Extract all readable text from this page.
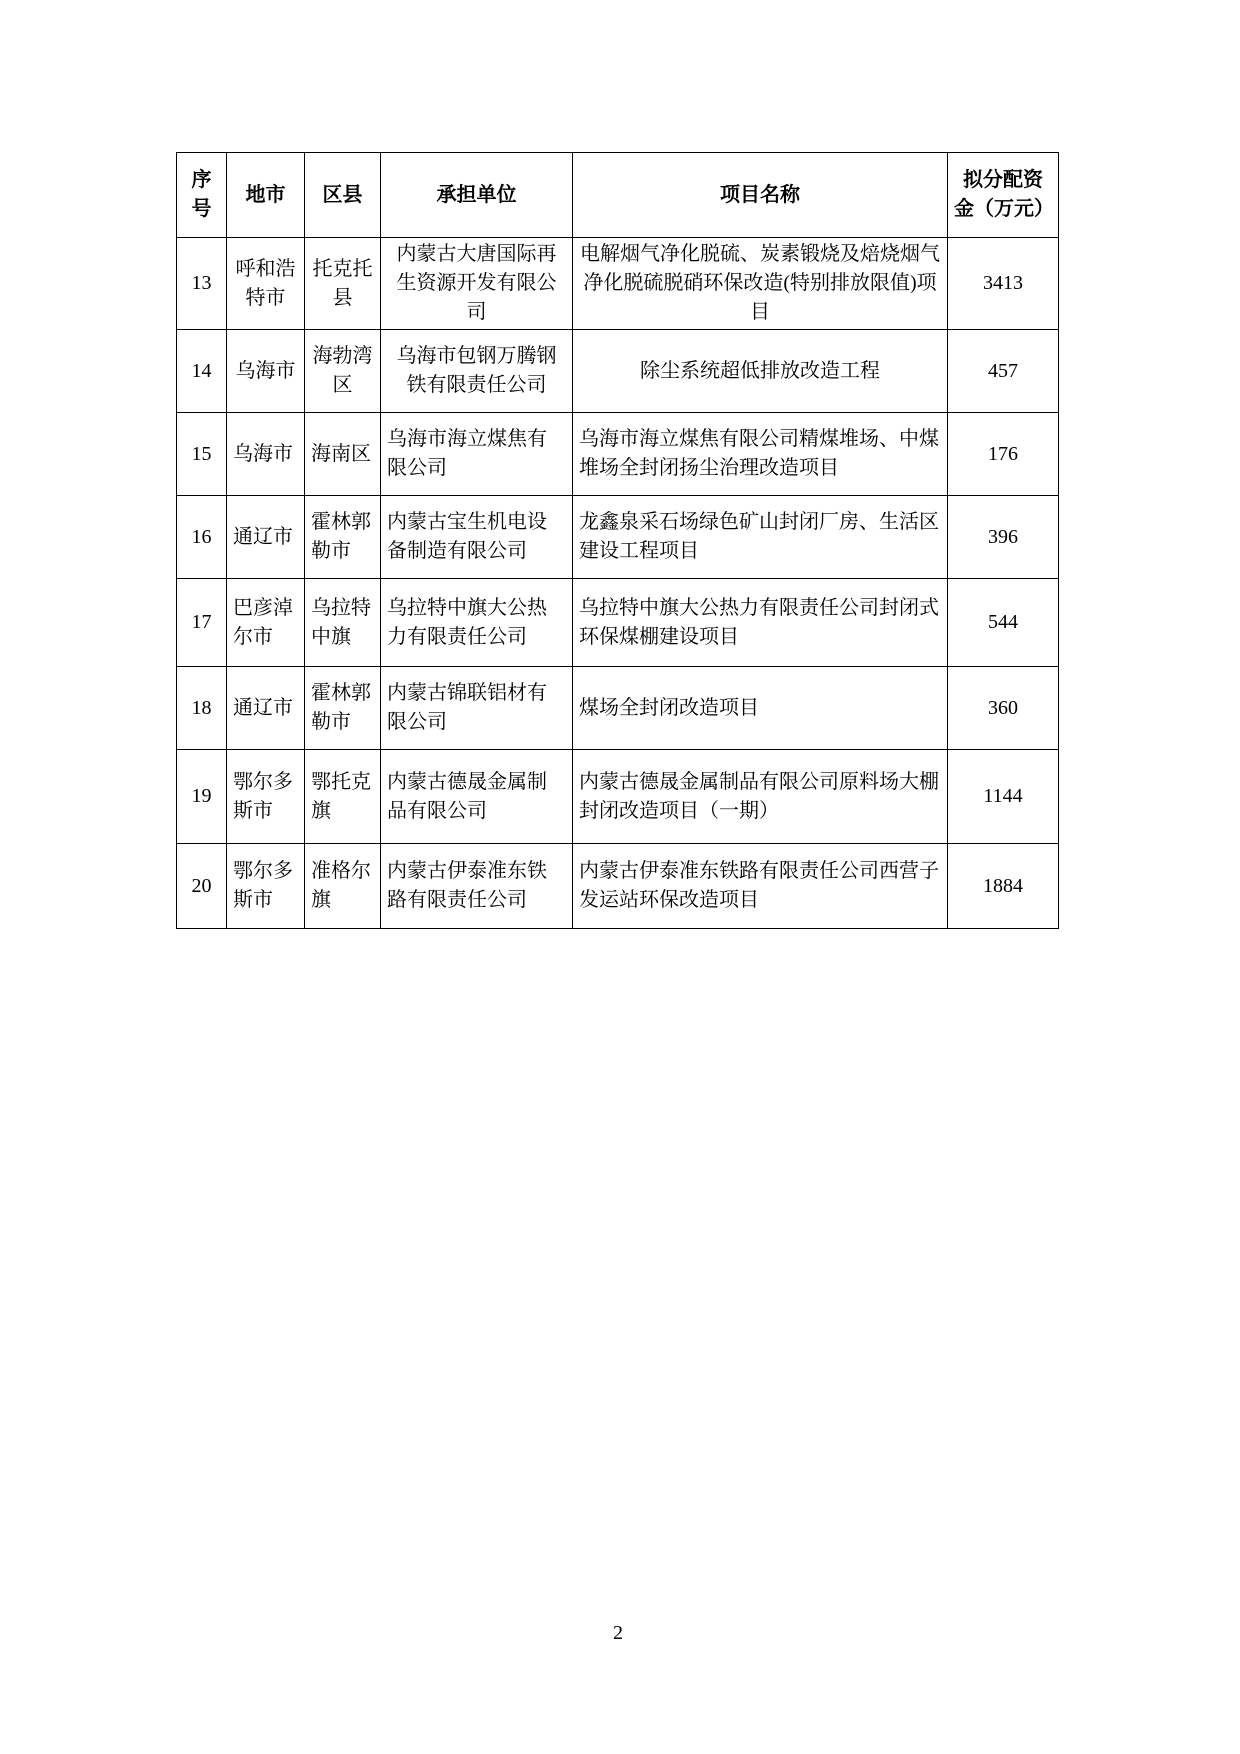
序号	地市	区县	承担单位	项目名称	拟分配资金（万元）
13	呼和浩特市	托克托县	内蒙古大唐国际再生资源开发有限公司	电解烟气净化脱硫、炭素锻烧及焙烧烟气净化脱硫脱硝环保改造(特别排放限值)项目	3413
14	乌海市	海勃湾区	乌海市包钢万腾钢铁有限责任公司	除尘系统超低排放改造工程	457
15	乌海市	海南区	乌海市海立煤焦有限公司	乌海市海立煤焦有限公司精煤堆场、中煤堆场全封闭扬尘治理改造项目	176
16	通辽市	霍林郭勒市	内蒙古宝生机电设备制造有限公司	龙鑫泉采石场绿色矿山封闭厂房、生活区建设工程项目	396
17	巴彦淖尔市	乌拉特中旗	乌拉特中旗大公热力有限责任公司	乌拉特中旗大公热力有限责任公司封闭式环保煤棚建设项目	544
18	通辽市	霍林郭勒市	内蒙古锦联铝材有限公司	煤场全封闭改造项目	360
19	鄂尔多斯市	鄂托克旗	内蒙古德晟金属制品有限公司	内蒙古德晟金属制品有限公司原料场大棚封闭改造项目（一期）	1144
20	鄂尔多斯市	准格尔旗	内蒙古伊泰准东铁路有限责任公司	内蒙古伊泰准东铁路有限责任公司西营子发运站环保改造项目	1884
2
